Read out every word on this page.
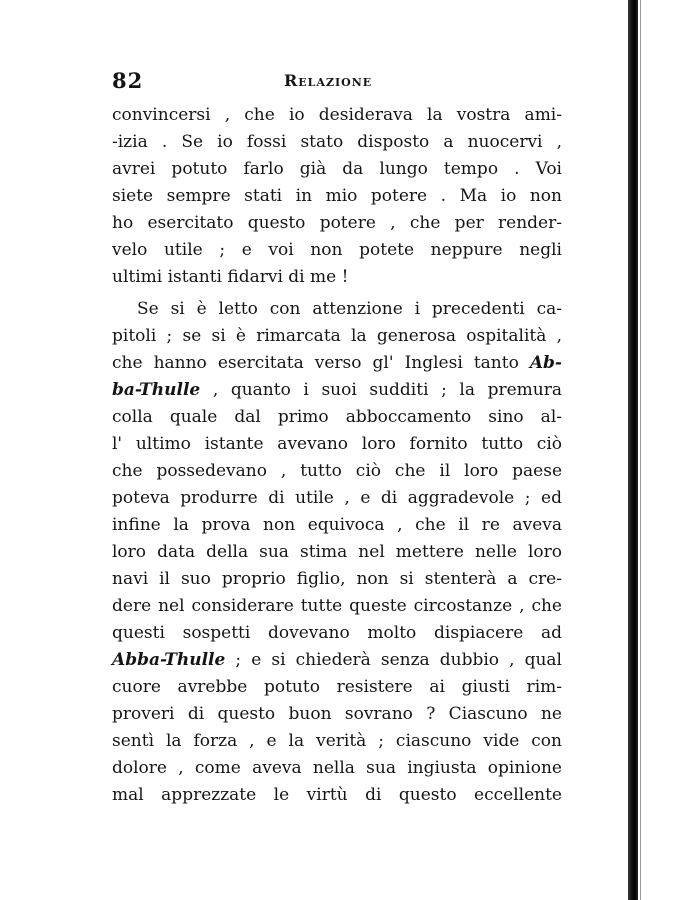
82	Relazione
convincersi , che io desiderava la vostra ami-
-izia . Se io fossi stato disposto a nuocervi ,
avrei potuto farlo già da lungo tempo . Voi
siete sempre stati in mio potere . Ma io non
ho esercitato questo potere , che per render-
velo utile ; e voi non potete neppure negli
ultimi istanti fidarvi di me !
Se si è letto con attenzione i precedenti ca-
pitoli ; se si è rimarcata la generosa ospitalità ,
che hanno esercitata verso gl' Inglesi tanto Ab-
ba-Thulle , quanto i suoi sudditi ; la premura
colla quale dal primo abboccamento sino al-
l' ultimo istante avevano loro fornito tutto ciò
che possedevano , tutto ciò che il loro paese
poteva produrre di utile , e di aggradevole ; ed
infine la prova non equivoca , che il re aveva
loro data della sua stima nel mettere nelle loro
navi il suo proprio figlio, non si stenterà a cre-
dere nel considerare tutte queste circostanze , che
questi sospetti dovevano molto dispiacere ad
Abba-Thulle ; e si chiederà senza dubbio , qual
cuore avrebbe potuto resistere ai giusti rim-
proveri di questo buon sovrano ? Ciascuno ne
sentì la forza , e la verità ; ciascuno vide con
dolore , come aveva nella sua ingiusta opinione
mal apprezzate le virtù di questo eccellente
